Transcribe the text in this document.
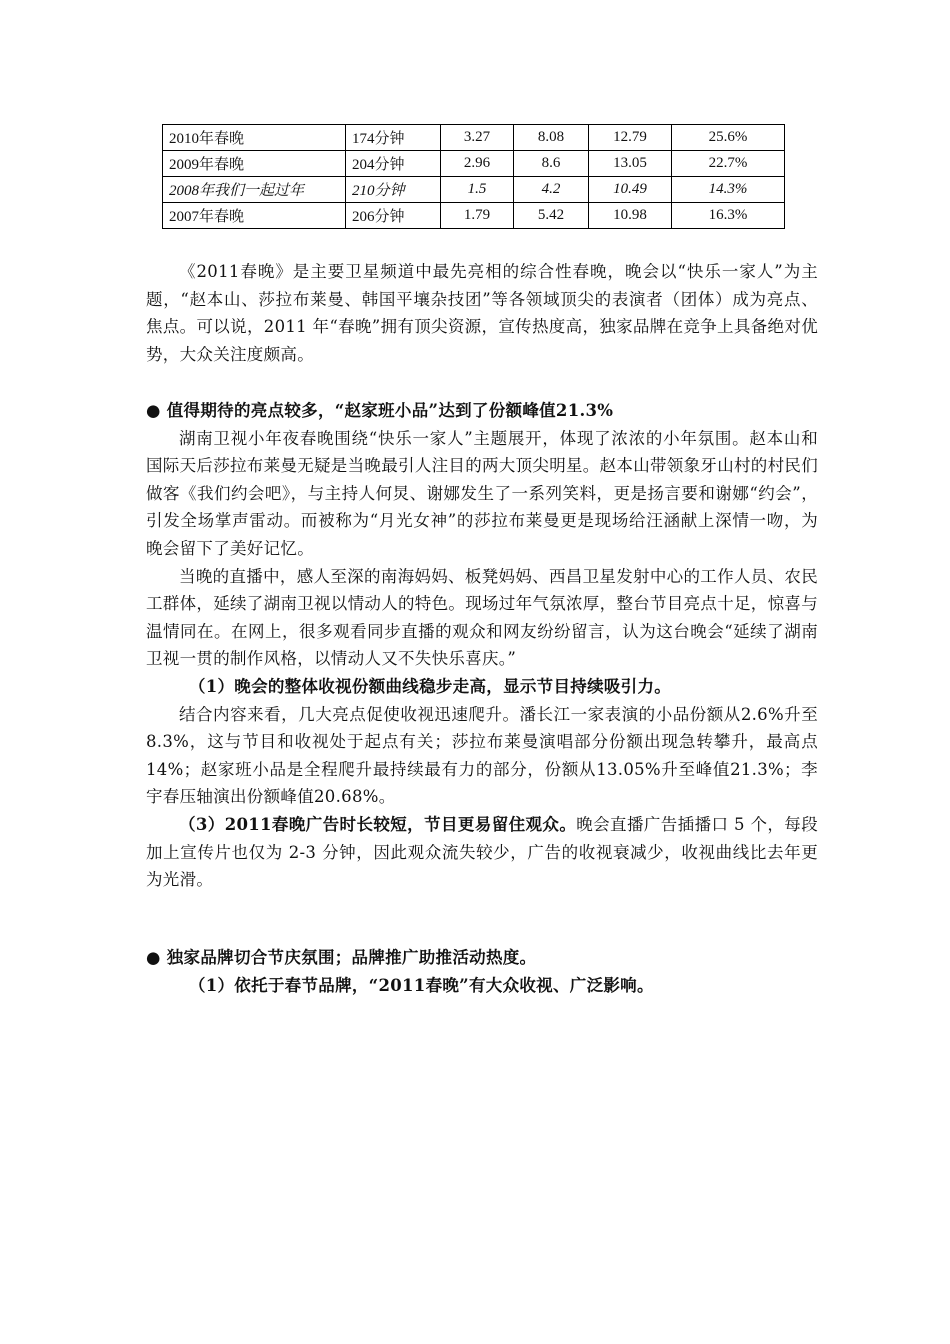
2010年春晚	174分钟	3.27	8.08	12.79	25.6%
2009年春晚	204分钟	2.96	8.6	13.05	22.7%
2008年我们一起过年	210分钟	1.5	4.2	10.49	14.3%
2007年春晚	206分钟	1.79	5.42	10.98	16.3%

《2011春晚》是主要卫星频道中最先亮相的综合性春晚，晚会以“快乐一家人”为主题，“赵本山、莎拉布莱曼、韩国平壤杂技团”等各领域顶尖的表演者（团体）成为亮点、焦点。可以说，2011 年“春晚”拥有顶尖资源，宣传热度高，独家品牌在竞争上具备绝对优势，大众关注度颇高。

● 值得期待的亮点较多，“赵家班小品”达到了份额峰值21.3%

湖南卫视小年夜春晚围绕“快乐一家人”主题展开，体现了浓浓的小年氛围。赵本山和国际天后莎拉布莱曼无疑是当晚最引人注目的两大顶尖明星。赵本山带领象牙山村的村民们做客《我们约会吧》，与主持人何炅、谢娜发生了一系列笑料，更是扬言要和谢娜“约会”，引发全场掌声雷动。而被称为“月光女神”的莎拉布莱曼更是现场给汪涵献上深情一吻，为晚会留下了美好记忆。

当晚的直播中，感人至深的南海妈妈、板凳妈妈、西昌卫星发射中心的工作人员、农民工群体，延续了湖南卫视以情动人的特色。现场过年气氛浓厚，整台节目亮点十足，惊喜与温情同在。在网上，很多观看同步直播的观众和网友纷纷留言，认为这台晚会“延续了湖南卫视一贯的制作风格，以情动人又不失快乐喜庆。”

（1）晚会的整体收视份额曲线稳步走高，显示节目持续吸引力。

结合内容来看，几大亮点促使收视迅速爬升。潘长江一家表演的小品份额从2.6%升至8.3%，这与节目和收视处于起点有关；莎拉布莱曼演唱部分份额出现急转攀升，最高点14%；赵家班小品是全程爬升最持续最有力的部分，份额从13.05%升至峰值21.3%；李宇春压轴演出份额峰值20.68%。

（3）2011春晚广告时长较短，节目更易留住观众。晚会直播广告插播口 5 个，每段加上宣传片也仅为 2-3 分钟，因此观众流失较少，广告的收视衰减少，收视曲线比去年更为光滑。

● 独家品牌切合节庆氛围；品牌推广助推活动热度。

（1）依托于春节品牌，“2011春晚”有大众收视、广泛影响。
